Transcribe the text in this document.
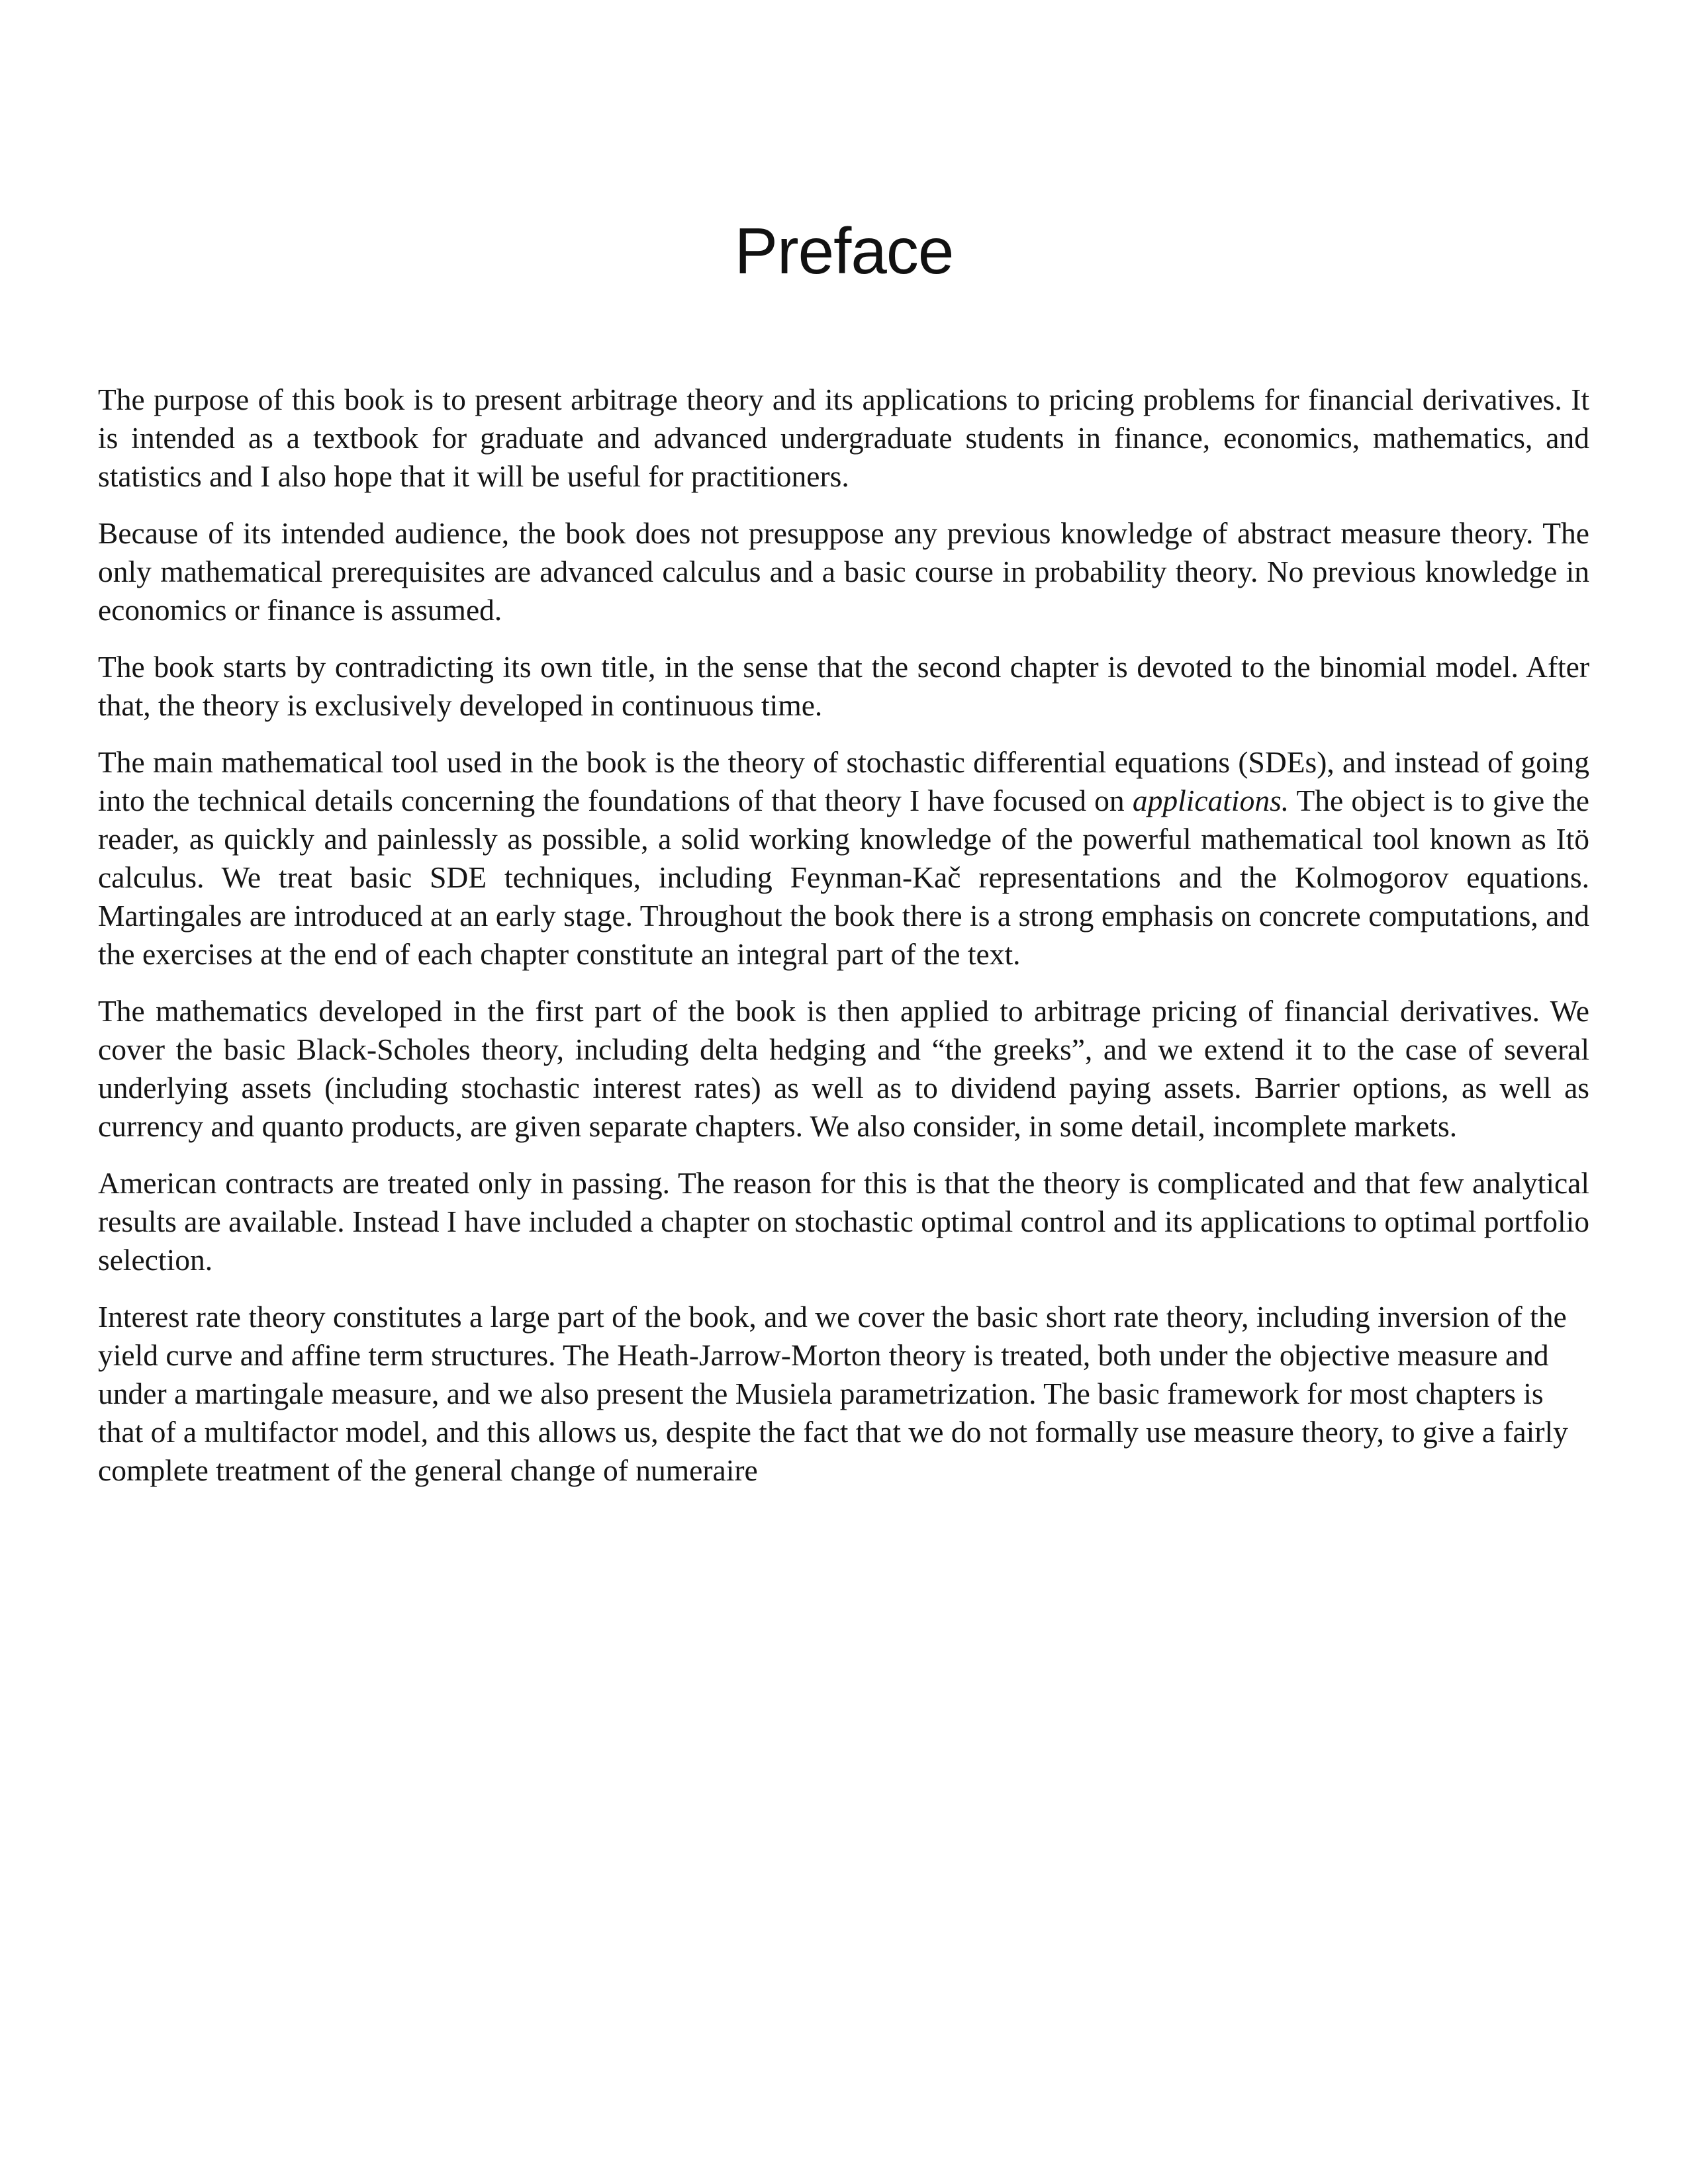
Preface

The purpose of this book is to present arbitrage theory and its applications to pricing problems for financial derivatives. It is intended as a textbook for graduate and advanced undergraduate students in finance, economics, mathematics, and statistics and I also hope that it will be useful for practitioners.

Because of its intended audience, the book does not presuppose any previous knowledge of abstract measure theory. The only mathematical prerequisites are advanced calculus and a basic course in probability theory. No previous knowledge in economics or finance is assumed.

The book starts by contradicting its own title, in the sense that the second chapter is devoted to the binomial model. After that, the theory is exclusively developed in continuous time.

The main mathematical tool used in the book is the theory of stochastic differential equations (SDEs), and instead of going into the technical details concerning the foundations of that theory I have focused on applications. The object is to give the reader, as quickly and painlessly as possible, a solid working knowledge of the powerful mathematical tool known as Itö calculus. We treat basic SDE techniques, including Feynman-Kač representations and the Kolmogorov equations. Martingales are introduced at an early stage. Throughout the book there is a strong emphasis on concrete computations, and the exercises at the end of each chapter constitute an integral part of the text.

The mathematics developed in the first part of the book is then applied to arbitrage pricing of financial derivatives. We cover the basic Black-Scholes theory, including delta hedging and “the greeks”, and we extend it to the case of several underlying assets (including stochastic interest rates) as well as to dividend paying assets. Barrier options, as well as currency and quanto products, are given separate chapters. We also consider, in some detail, incomplete markets.

American contracts are treated only in passing. The reason for this is that the theory is complicated and that few analytical results are available. Instead I have included a chapter on stochastic optimal control and its applications to optimal portfolio selection.

Interest rate theory constitutes a large part of the book, and we cover the basic short rate theory, including inversion of the yield curve and affine term structures. The Heath-Jarrow-Morton theory is treated, both under the objective measure and under a martingale measure, and we also present the Musiela parametrization. The basic framework for most chapters is that of a multifactor model, and this allows us, despite the fact that we do not formally use measure theory, to give a fairly complete treatment of the general change of numeraire
